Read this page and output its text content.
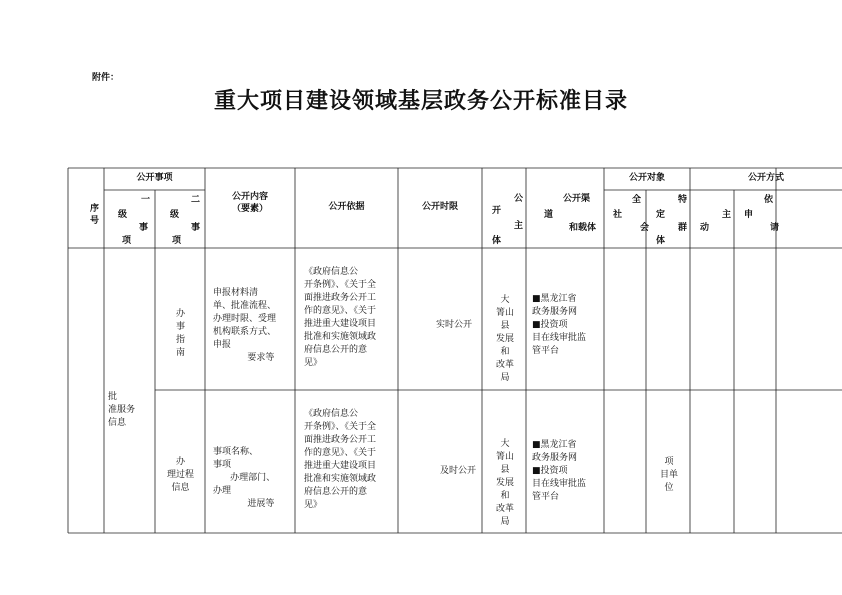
附件：
重大项目建设领域基层政务公开标准目录
序
号
公开事项
一
级
事
项
二
级
事
项
公开内容
（要素）	公开依据	公开时限
公
开
主
体
公开渠
道
和载体
公开对象
全
社
会
特
定
群
体
公开方式
主
动
依
申
请
批
准服务
信息
办
事
指
南
申报材料清
单、批准流程、
办理时限、受理
机构联系方式、
申报
要求等
《政府信息公
开条例》、《关于全
面推进政务公开工
作的意见》、《关于
推进重大建设项目
批准和实施领域政
府信息公开的意
见》
实时公开
大
箐山
县
发展
和
改革
局
■黑龙江省
政务服务网
■投资项
目在线审批监
管平台
办
理过程
信息
事项名称、
事项
办理部门、
办理
进展等
《政府信息公
开条例》、《关于全
面推进政务公开工
作的意见》、《关于
推进重大建设项目
批准和实施领域政
府信息公开的意
见》
及时公开
大
箐山
县
发展
和
改革
局
■黑龙江省
政务服务网
■投资项
目在线审批监
管平台
项
目单
位
